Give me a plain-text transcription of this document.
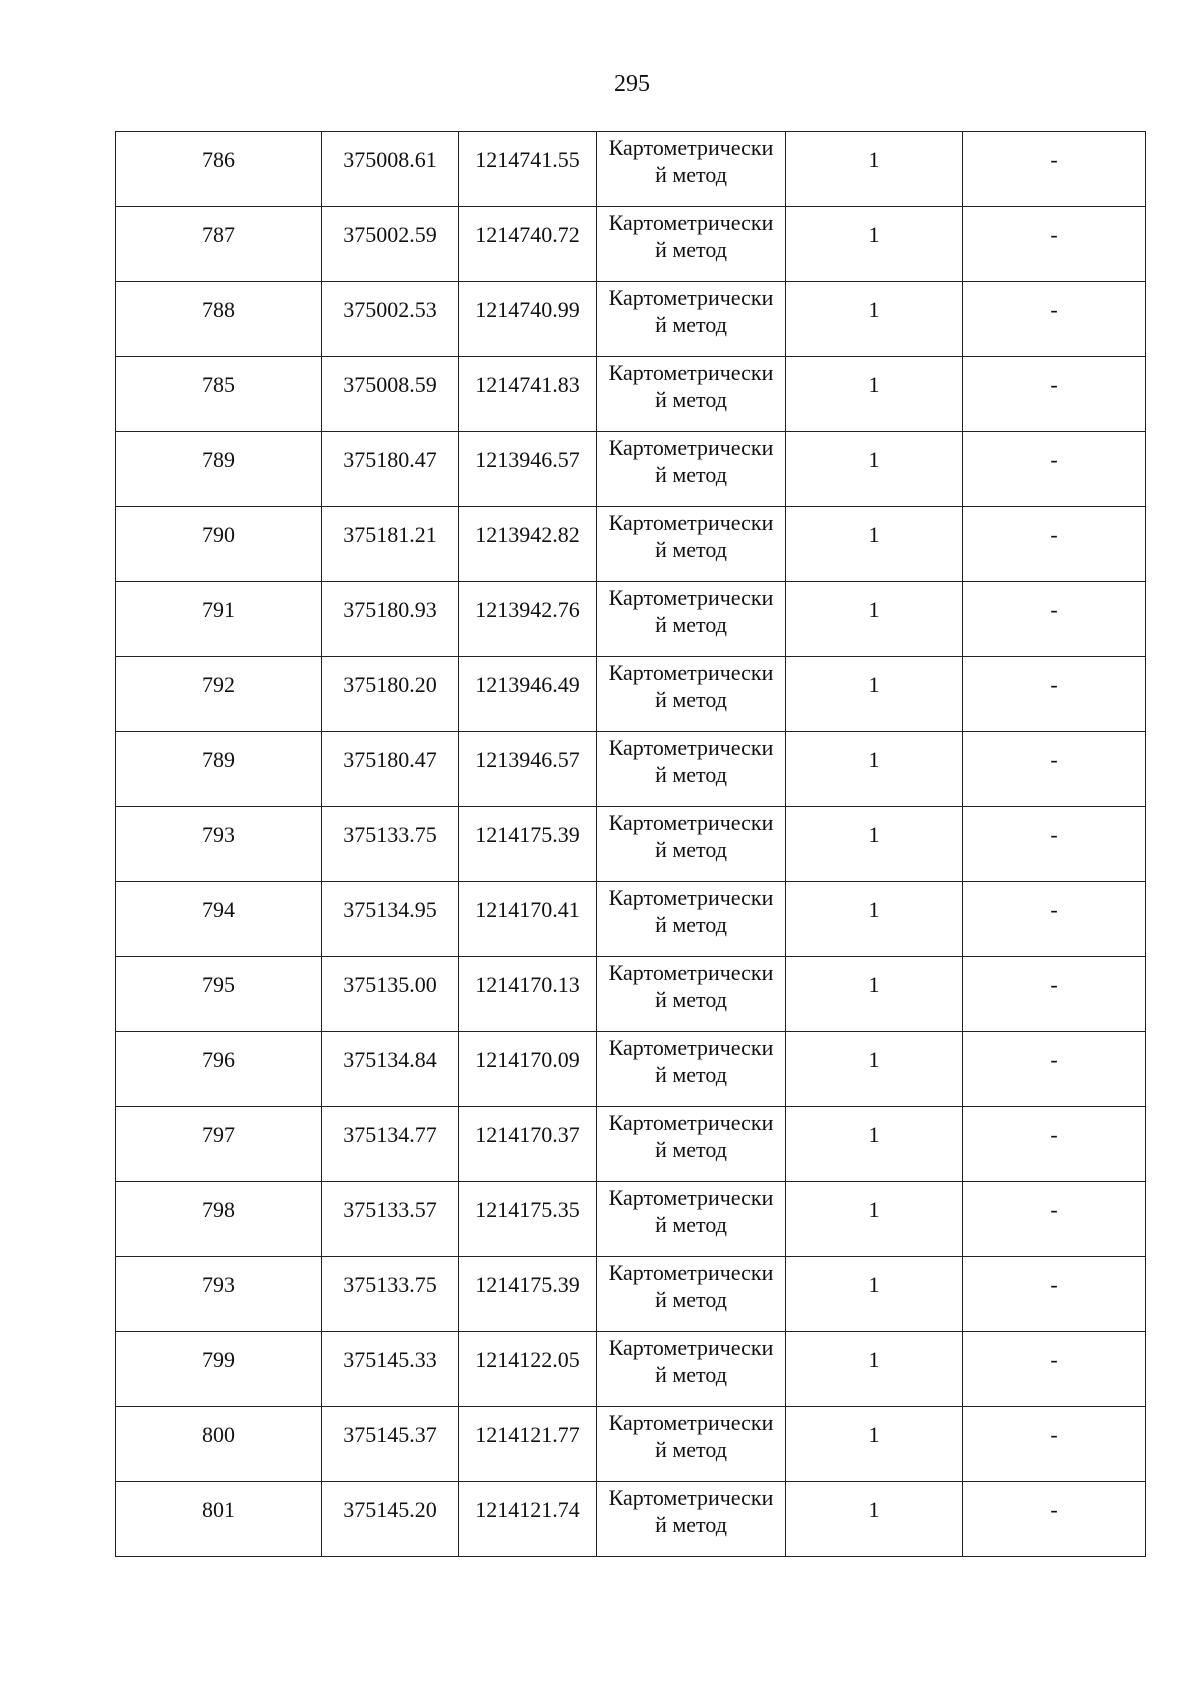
295
786	375008.61	1214741.55	Картометрически
й метод	1	-

787	375002.59	1214740.72	Картометрически
й метод	1	-

788	375002.53	1214740.99	Картометрически
й метод	1	-

785	375008.59	1214741.83	Картометрически
й метод	1	-

789	375180.47	1213946.57	Картометрически
й метод	1	-

790	375181.21	1213942.82	Картометрически
й метод	1	-

791	375180.93	1213942.76	Картометрически
й метод	1	-

792	375180.20	1213946.49	Картометрически
й метод	1	-

789	375180.47	1213946.57	Картометрически
й метод	1	-

793	375133.75	1214175.39	Картометрически
й метод	1	-

794	375134.95	1214170.41	Картометрически
й метод	1	-

795	375135.00	1214170.13	Картометрически
й метод	1	-

796	375134.84	1214170.09	Картометрически
й метод	1	-

797	375134.77	1214170.37	Картометрически
й метод	1	-

798	375133.57	1214175.35	Картометрически
й метод	1	-

793	375133.75	1214175.39	Картометрически
й метод	1	-

799	375145.33	1214122.05	Картометрически
й метод	1	-

800	375145.37	1214121.77	Картометрически
й метод	1	-

801	375145.20	1214121.74	Картометрически
й метод	1	-
